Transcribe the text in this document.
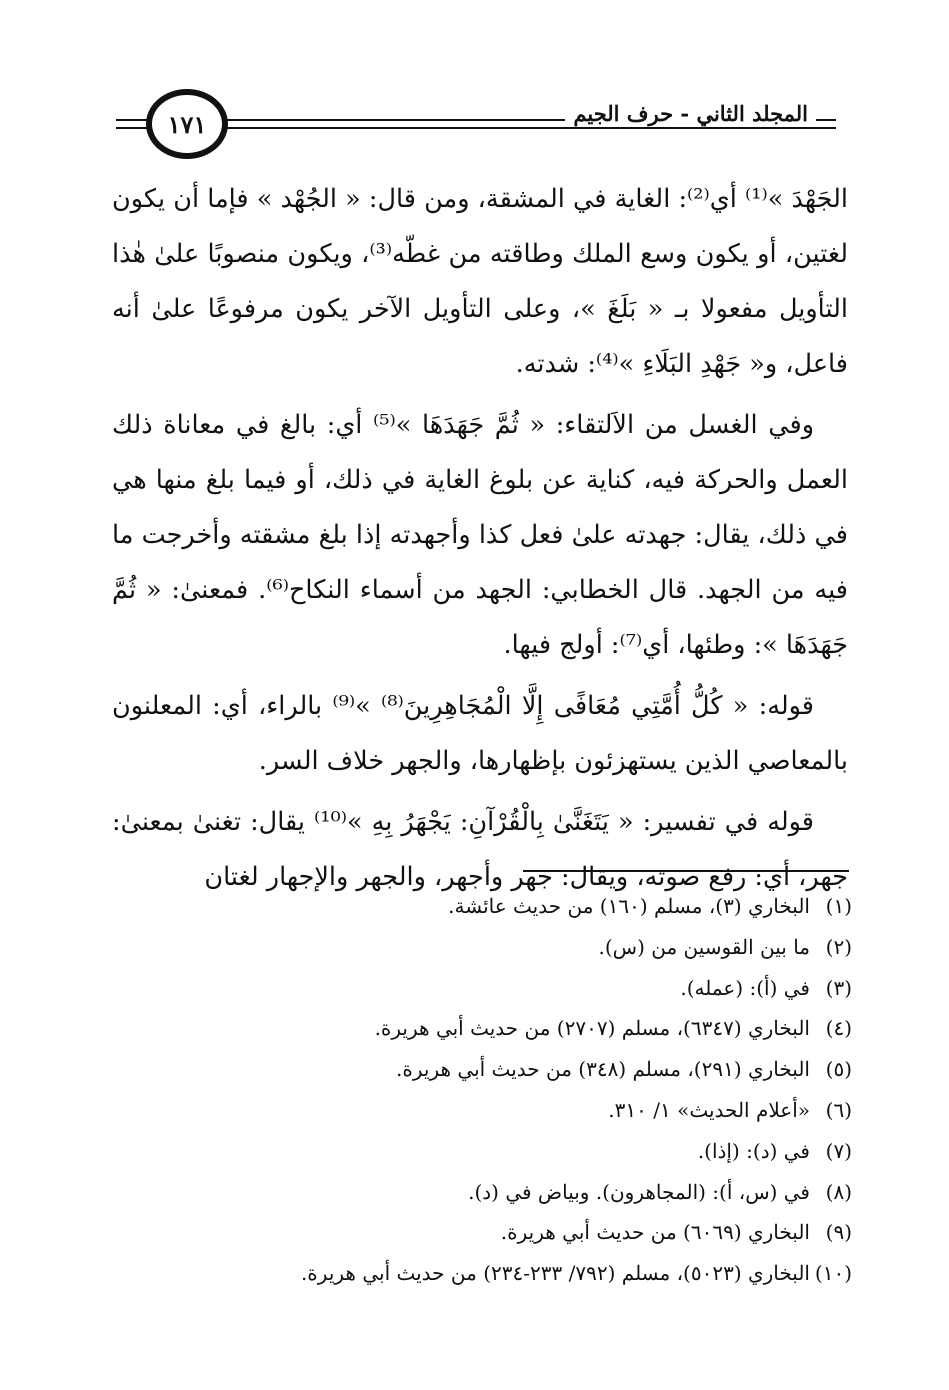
١٧١	المجلد الثاني - حرف الجيم

الجَهْدَ »⁽¹⁾ أي⁽²⁾: الغاية في المشقة، ومن قال: « الجُهْد » فإما أن يكون لغتين، أو يكون وسع الملك وطاقته من غطّه⁽³⁾، ويكون منصوبًا علىٰ هٰذا التأويل مفعولا بـ « بَلَغَ »، وعلى التأويل الآخر يكون مرفوعًا علىٰ أنه فاعل، و« جَهْدِ البَلَاءِ »⁽⁴⁾: شدته.

وفي الغسل من الاَلتقاء: « ثُمَّ جَهَدَهَا »⁽⁵⁾ أي: بالغ في معاناة ذلك العمل والحركة فيه، كناية عن بلوغ الغاية في ذلك، أو فيما بلغ منها هي في ذلك، يقال: جهدته علىٰ فعل كذا وأجهدته إذا بلغ مشقته وأخرجت ما فيه من الجهد. قال الخطابي: الجهد من أسماء النكاح⁽⁶⁾. فمعنىٰ: « ثُمَّ جَهَدَهَا »: وطئها، أي⁽⁷⁾: أولج فيها.

قوله: « كُلُّ أُمَّتِي مُعَافًى إِلَّا الْمُجَاهِرِينَ⁽⁸⁾ »⁽⁹⁾ بالراء، أي: المعلنون بالمعاصي الذين يستهزئون بإظهارها، والجهر خلاف السر.

قوله في تفسير: « يَتَغَنَّىٰ بِالْقُرْآنِ: يَجْهَرُ بِهِ »⁽¹⁰⁾ يقال: تغنىٰ بمعنىٰ: جهر، أي: رفع صوته، ويقال: جهر وأجهر، والجهر والإجهار لغتان

(١)البخاري (٣)، مسلم (١٦٠) من حديث عائشة.
(٢)ما بين القوسين من (س).
(٣)في (أ): (عمله).
(٤)البخاري (٦٣٤٧)، مسلم (٢٧٠٧) من حديث أبي هريرة.
(٥)البخاري (٢٩١)، مسلم (٣٤٨) من حديث أبي هريرة.
(٦)«أعلام الحديث» ١/ ٣١٠.
(٧)في (د): (إذا).
(٨)في (س، أ): (المجاهرون). وبياض في (د).
(٩)البخاري (٦٠٦٩) من حديث أبي هريرة.
(١٠)البخاري (٥٠٢٣)، مسلم (٧٩٢/ ٢٣٣-٢٣٤) من حديث أبي هريرة.
